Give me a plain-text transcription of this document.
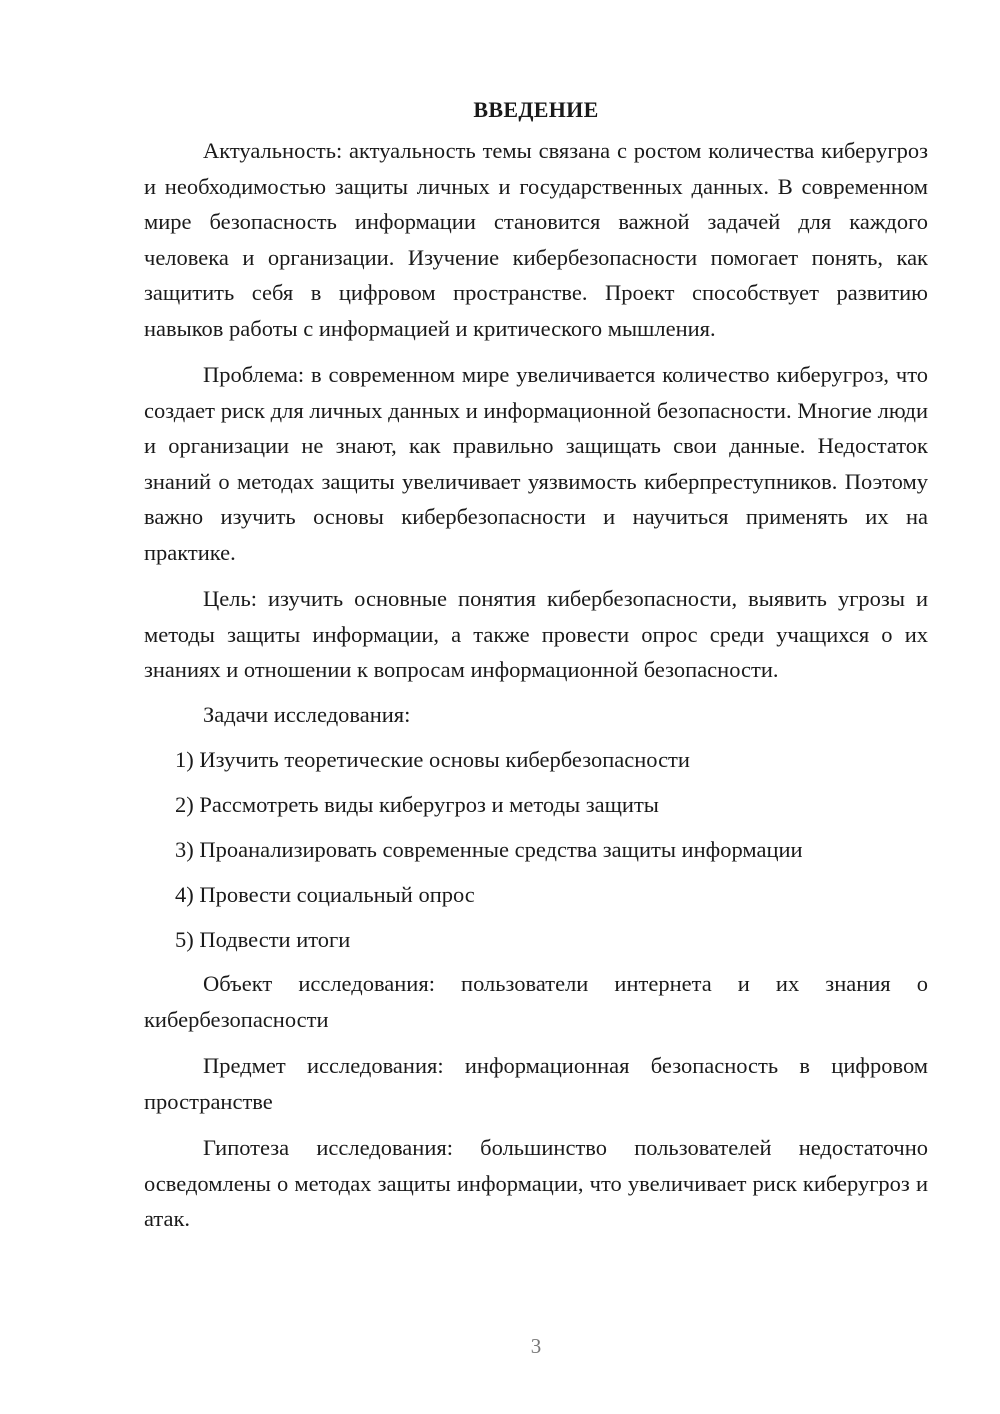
ВВЕДЕНИЕ

Актуальность: актуальность темы связана с ростом количества киберугроз и необходимостью защиты личных и государственных данных. В современном мире безопасность информации становится важной задачей для каждого человека и организации. Изучение кибербезопасности помогает понять, как защитить себя в цифровом пространстве. Проект способствует развитию навыков работы с информацией и критического мышления.

Проблема: в современном мире увеличивается количество киберугроз, что создает риск для личных данных и информационной безопасности. Многие люди и организации не знают, как правильно защищать свои данные. Недостаток знаний о методах защиты увеличивает уязвимость киберпреступников. Поэтому важно изучить основы кибербезопасности и научиться применять их на практике.

Цель: изучить основные понятия кибербезопасности, выявить угрозы и методы защиты информации, а также провести опрос среди учащихся о их знаниях и отношении к вопросам информационной безопасности.

Задачи исследования:
1) Изучить теоретические основы кибербезопасности
2) Рассмотреть виды киберугроз и методы защиты
3) Проанализировать современные средства защиты информации
4) Провести социальный опрос
5) Подвести итоги

Объект исследования: пользователи интернета и их знания о кибербезопасности

Предмет исследования: информационная безопасность в цифровом пространстве

Гипотеза исследования: большинство пользователей недостаточно осведомлены о методах защиты информации, что увеличивает риск киберугроз и атак.

3
